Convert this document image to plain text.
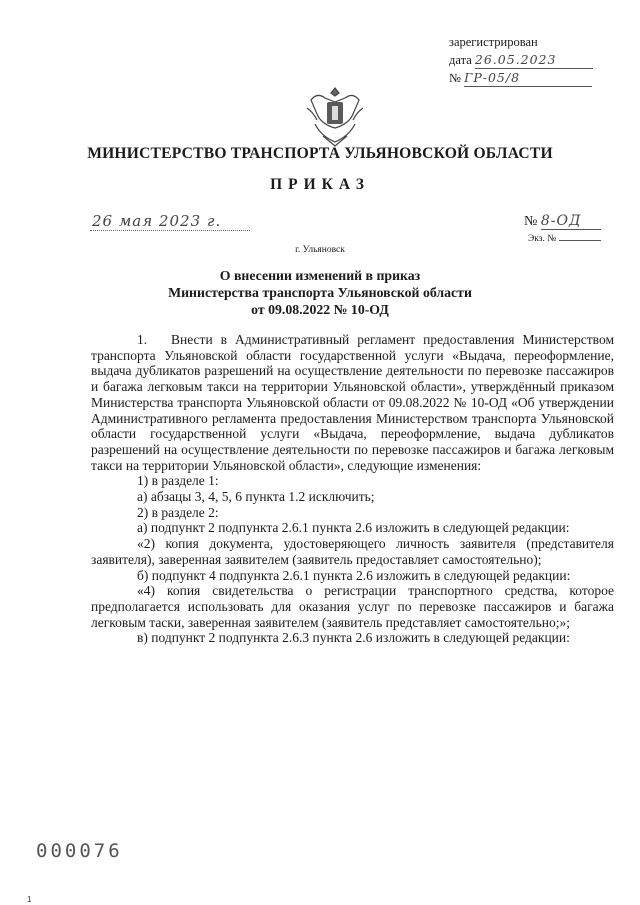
зарегистрирован
дата 26.05.2023
№ ГР-05/8
МИНИСТЕРСТВО ТРАНСПОРТА УЛЬЯНОВСКОЙ ОБЛАСТИ
ПРИКАЗ
26 мая 2023 г.	№ 8-ОД
Экз. №
г. Ульяновск
О внесении изменений в приказ
Министерства транспорта Ульяновской области
от 09.08.2022 № 10-ОД

1.   Внести в Административный регламент предоставления Министерством транспорта Ульяновской области государственной услуги «Выдача, переоформление, выдача дубликатов разрешений на осуществление деятельности по перевозке пассажиров и багажа легковым такси на территории Ульяновской области», утверждённый приказом Министерства транспорта Ульяновской области от 09.08.2022 № 10-ОД «Об утверждении Административного регламента предоставления Министерством транспорта Ульяновской области государственной услуги «Выдача, переоформление, выдача дубликатов разрешений на осуществление деятельности по перевозке пассажиров и багажа легковым такси на территории Ульяновской области», следующие изменения:

1) в разделе 1:

а) абзацы 3, 4, 5, 6 пункта 1.2 исключить;

2) в разделе 2:

а) подпункт 2 подпункта 2.6.1 пункта 2.6 изложить в следующей редакции:

«2) копия документа, удостоверяющего личность заявителя (представителя заявителя), заверенная заявителем (заявитель предоставляет самостоятельно);

б) подпункт 4 подпункта 2.6.1 пункта 2.6 изложить в следующей редакции:

«4) копия свидетельства о регистрации транспортного средства, которое предполагается использовать для оказания услуг по перевозке пассажиров и багажа легковым таски, заверенная заявителем (заявитель представляет самостоятельно;»;

в) подпункт 2 подпункта 2.6.3 пункта 2.6 изложить в следующей редакции:

000076
1
